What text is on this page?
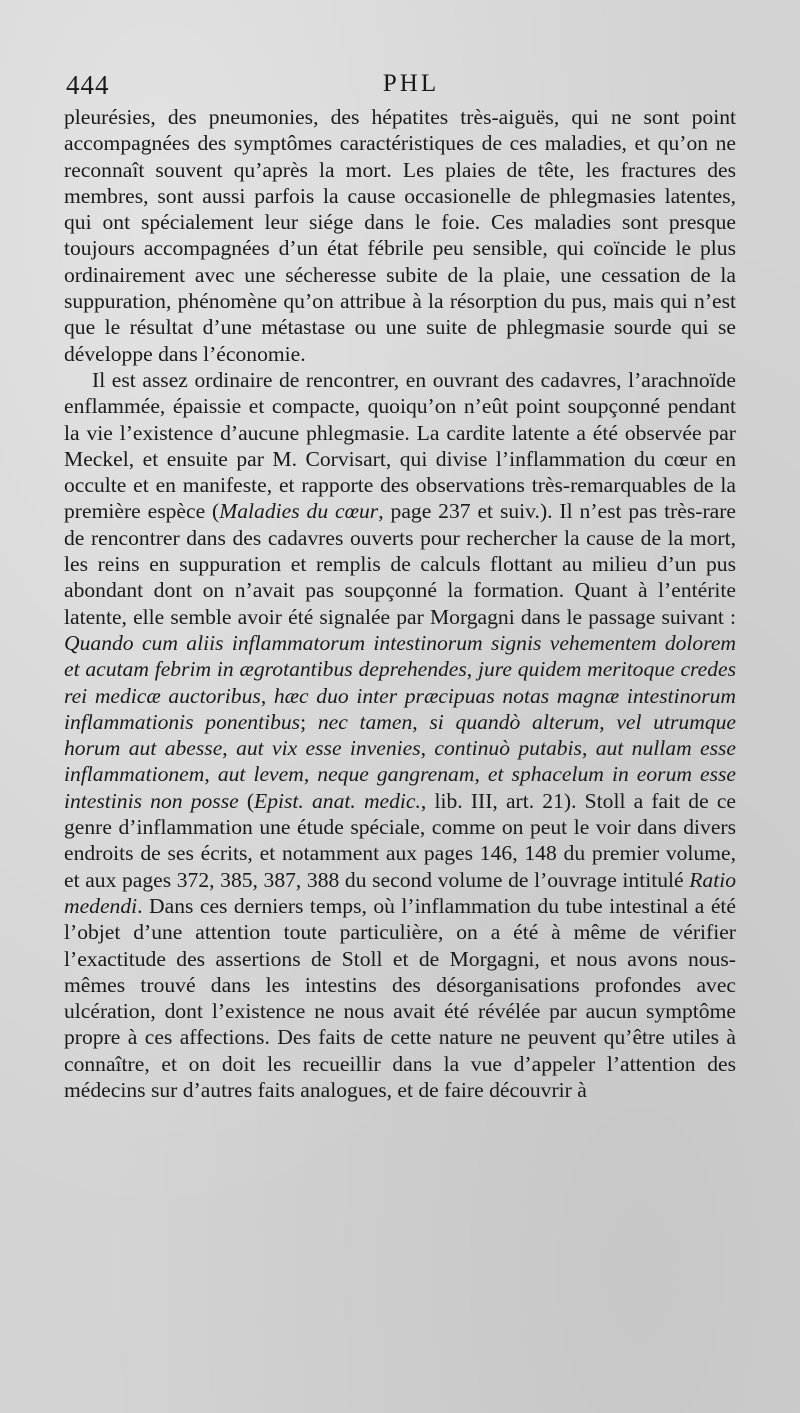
444	PHL

pleurésies, des pneumonies, des hépatites très-aiguës, qui ne sont point accompagnées des symptômes caractéristiques de ces maladies, et qu’on ne reconnaît souvent qu’après la mort. Les plaies de tête, les fractures des membres, sont aussi parfois la cause occasionelle de phlegmasies latentes, qui ont spécialement leur siége dans le foie. Ces maladies sont presque toujours accompagnées d’un état fébrile peu sensible, qui coïncide le plus ordinairement avec une sécheresse subite de la plaie, une cessation de la suppuration, phénomène qu’on attribue à la résorption du pus, mais qui n’est que le résultat d’une métastase ou une suite de phlegmasie sourde qui se développe dans l’économie.

Il est assez ordinaire de rencontrer, en ouvrant des cadavres, l’arachnoïde enflammée, épaissie et compacte, quoiqu’on n’eût point soupçonné pendant la vie l’existence d’aucune phlegmasie. La cardite latente a été observée par Meckel, et ensuite par M. Corvisart, qui divise l’inflammation du cœur en occulte et en manifeste, et rapporte des observations très-remarquables de la première espèce (Maladies du cœur, page 237 et suiv.). Il n’est pas très-rare de rencontrer dans des cadavres ouverts pour rechercher la cause de la mort, les reins en suppuration et remplis de calculs flottant au milieu d’un pus abondant dont on n’avait pas soupçonné la formation. Quant à l’entérite latente, elle semble avoir été signalée par Morgagni dans le passage suivant : Quando cum aliis inflammatorum intestinorum signis vehementem dolorem et acutam febrim in ægrotantibus deprehendes, jure quidem meritoque credes rei medicæ auctoribus, hæc duo inter præcipuas notas magnæ intestinorum inflammationis ponentibus; nec tamen, si quandò alterum, vel utrumque horum aut abesse, aut vix esse invenies, continuò putabis, aut nullam esse inflammationem, aut levem, neque gangrenam, et sphacelum in eorum esse intestinis non posse (Epist. anat. medic., lib. III, art. 21). Stoll a fait de ce genre d’inflammation une étude spéciale, comme on peut le voir dans divers endroits de ses écrits, et notamment aux pages 146, 148 du premier volume, et aux pages 372, 385, 387, 388 du second volume de l’ouvrage intitulé Ratio medendi. Dans ces derniers temps, où l’inflammation du tube intestinal a été l’objet d’une attention toute particulière, on a été à même de vérifier l’exactitude des assertions de Stoll et de Morgagni, et nous avons nous-mêmes trouvé dans les intestins des désorganisations profondes avec ulcération, dont l’existence ne nous avait été révélée par aucun symptôme propre à ces affections. Des faits de cette nature ne peuvent qu’être utiles à connaître, et on doit les recueillir dans la vue d’appeler l’attention des médecins sur d’autres faits analogues, et de faire découvrir à
